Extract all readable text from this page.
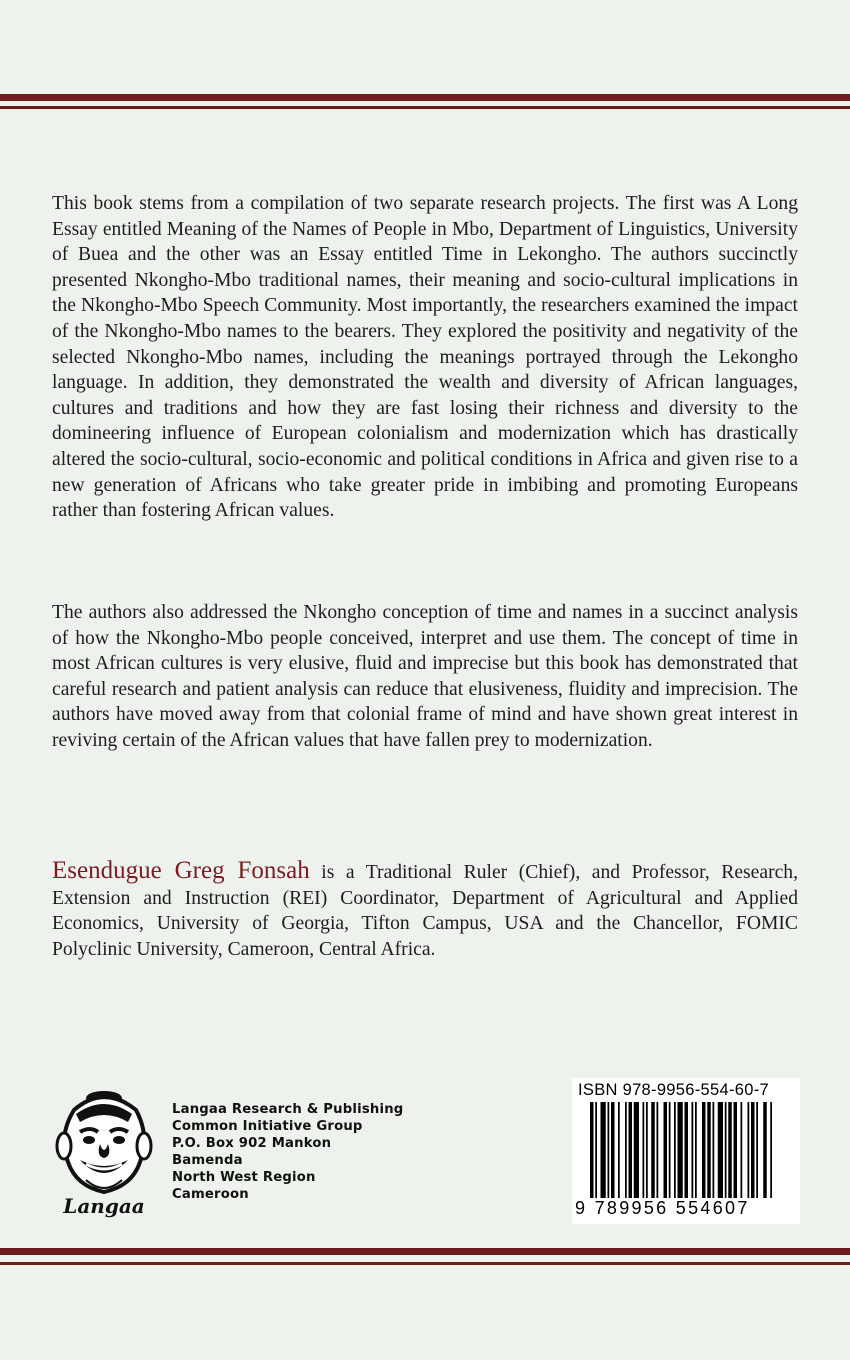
This book stems from a compilation of two separate research projects. The first was A Long Essay entitled Meaning of the Names of People in Mbo, Department of Linguistics, University of Buea and the other was an Essay entitled Time in Lekongho. The authors succinctly presented Nkongho-Mbo traditional names, their meaning and socio-cultural implications in the Nkongho-Mbo Speech Community. Most importantly, the researchers examined the impact of the Nkongho-Mbo names to the bearers. They explored the positivity and negativity of the selected Nkongho-Mbo names, including the meanings portrayed through the Lekongho language. In addition, they demonstrated the wealth and diversity of African languages, cultures and traditions and how they are fast losing their richness and diversity to the domineering influence of European colonialism and modernization which has drastically altered the socio-cultural, socio-economic and political conditions in Africa and given rise to a new generation of Africans who take greater pride in imbibing and promoting Europeans rather than fostering African values.

The authors also addressed the Nkongho conception of time and names in a succinct analysis of how the Nkongho-Mbo people conceived, interpret and use them. The concept of time in most African cultures is very elusive, fluid and imprecise but this book has demonstrated that careful research and patient analysis can reduce that elusiveness, fluidity and imprecision. The authors have moved away from that colonial frame of mind and have shown great interest in reviving certain of the African values that have fallen prey to modernization.

Esendugue Greg Fonsah is a Traditional Ruler (Chief), and Professor, Research, Extension and Instruction (REI) Coordinator, Department of Agricultural and Applied Economics, University of Georgia, Tifton Campus, USA and the Chancellor, FOMIC Polyclinic University, Cameroon, Central Africa.

Langaa
Langaa Research & Publishing
Common Initiative Group
P.O. Box 902 Mankon
Bamenda
North West Region
Cameroon
ISBN 978-9956-554-60-7
9 789956 554607
